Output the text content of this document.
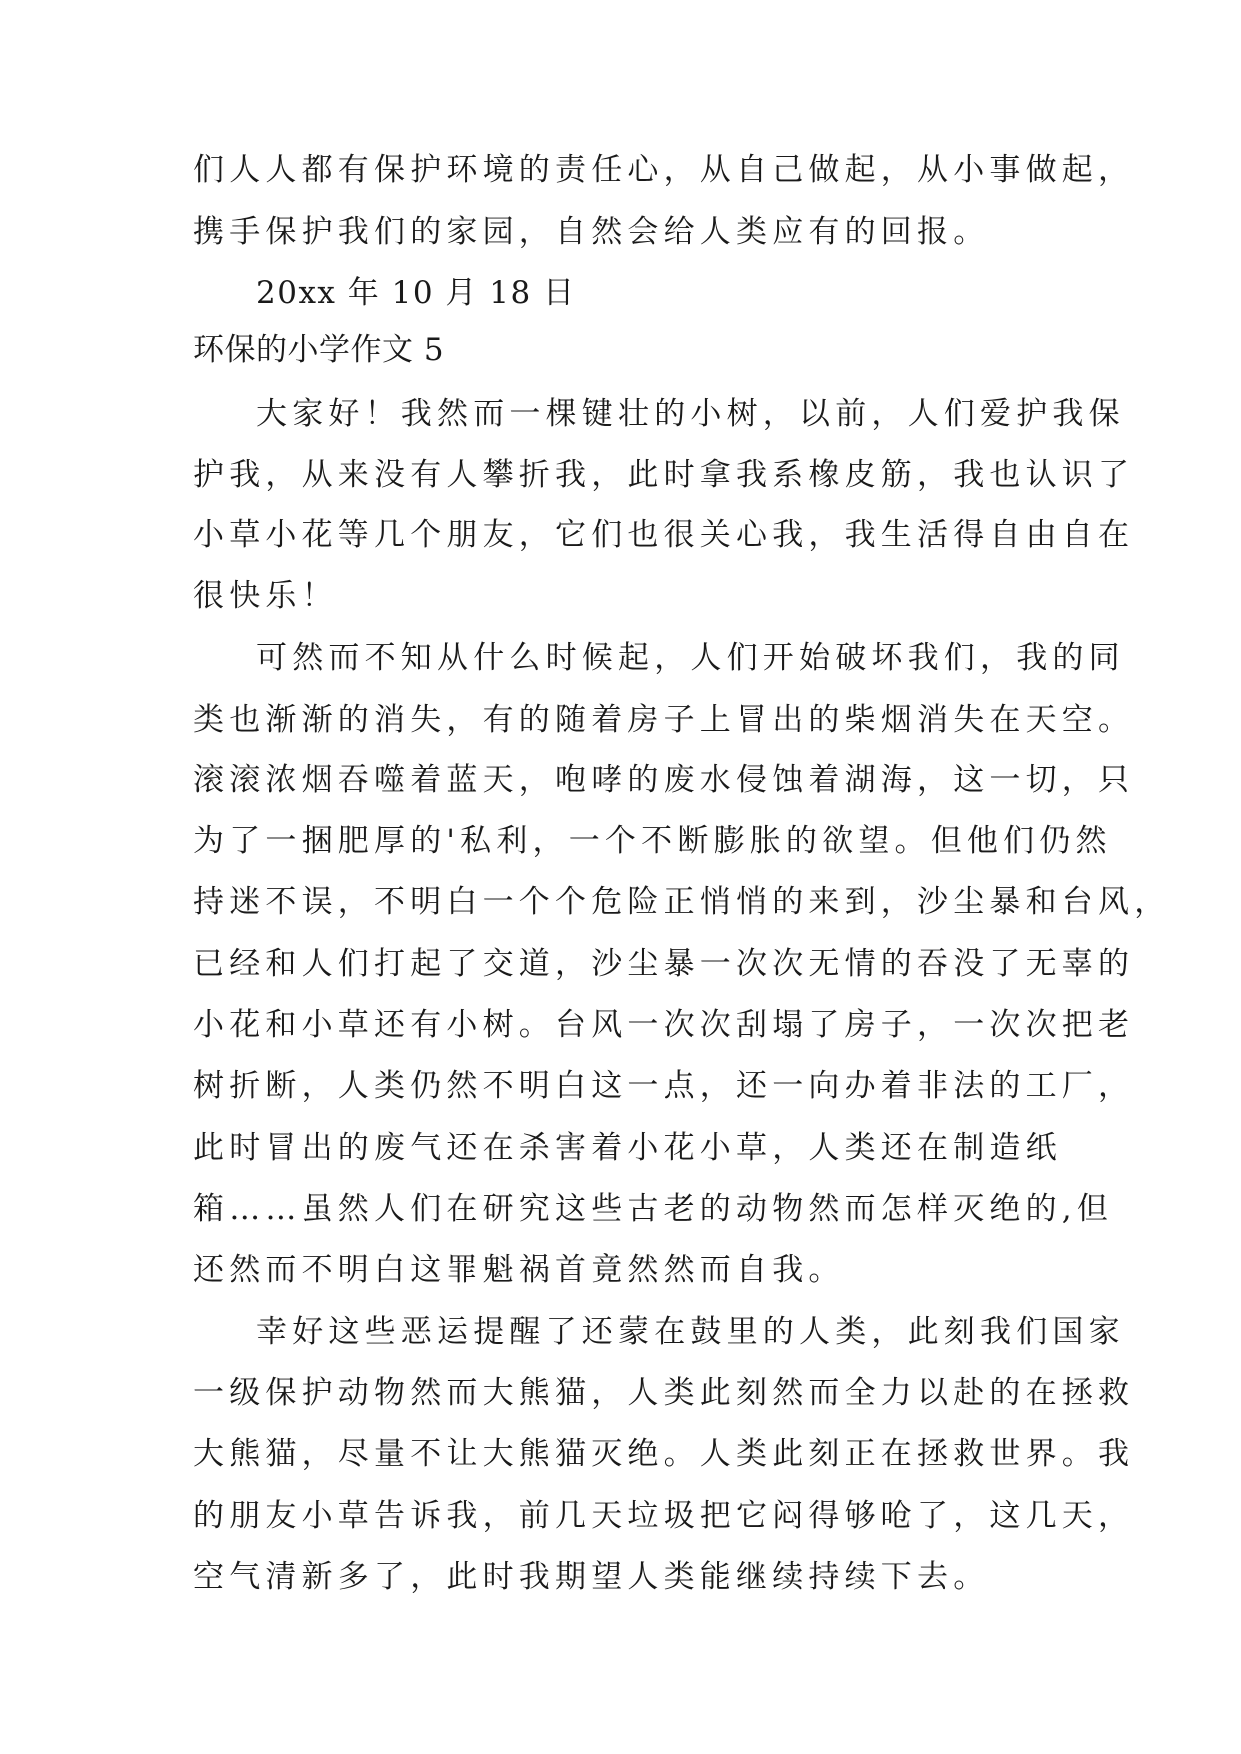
们人人都有保护环境的责任心，从自己做起，从小事做起，

携手保护我们的家园，自然会给人类应有的回报。

20xx 年 10 月 18 日

环保的小学作文 5

大家好！我然而一棵键壮的小树，以前，人们爱护我保

护我，从来没有人攀折我，此时拿我系橡皮筋，我也认识了

小草小花等几个朋友，它们也很关心我，我生活得自由自在

很快乐！

可然而不知从什么时候起，人们开始破坏我们，我的同

类也渐渐的消失，有的随着房子上冒出的柴烟消失在天空。

滚滚浓烟吞噬着蓝天，咆哮的废水侵蚀着湖海，这一切，只

为了一捆肥厚的'私利，一个不断膨胀的欲望。但他们仍然

持迷不误，不明白一个个危险正悄悄的来到，沙尘暴和台风，

已经和人们打起了交道，沙尘暴一次次无情的吞没了无辜的

小花和小草还有小树。台风一次次刮塌了房子，一次次把老

树折断，人类仍然不明白这一点，还一向办着非法的工厂，

此时冒出的废气还在杀害着小花小草，人类还在制造纸

箱……虽然人们在研究这些古老的动物然而怎样灭绝的,但

还然而不明白这罪魁祸首竟然然而自我。

幸好这些恶运提醒了还蒙在鼓里的人类，此刻我们国家

一级保护动物然而大熊猫，人类此刻然而全力以赴的在拯救

大熊猫，尽量不让大熊猫灭绝。人类此刻正在拯救世界。我

的朋友小草告诉我，前几天垃圾把它闷得够呛了，这几天，

空气清新多了，此时我期望人类能继续持续下去。
